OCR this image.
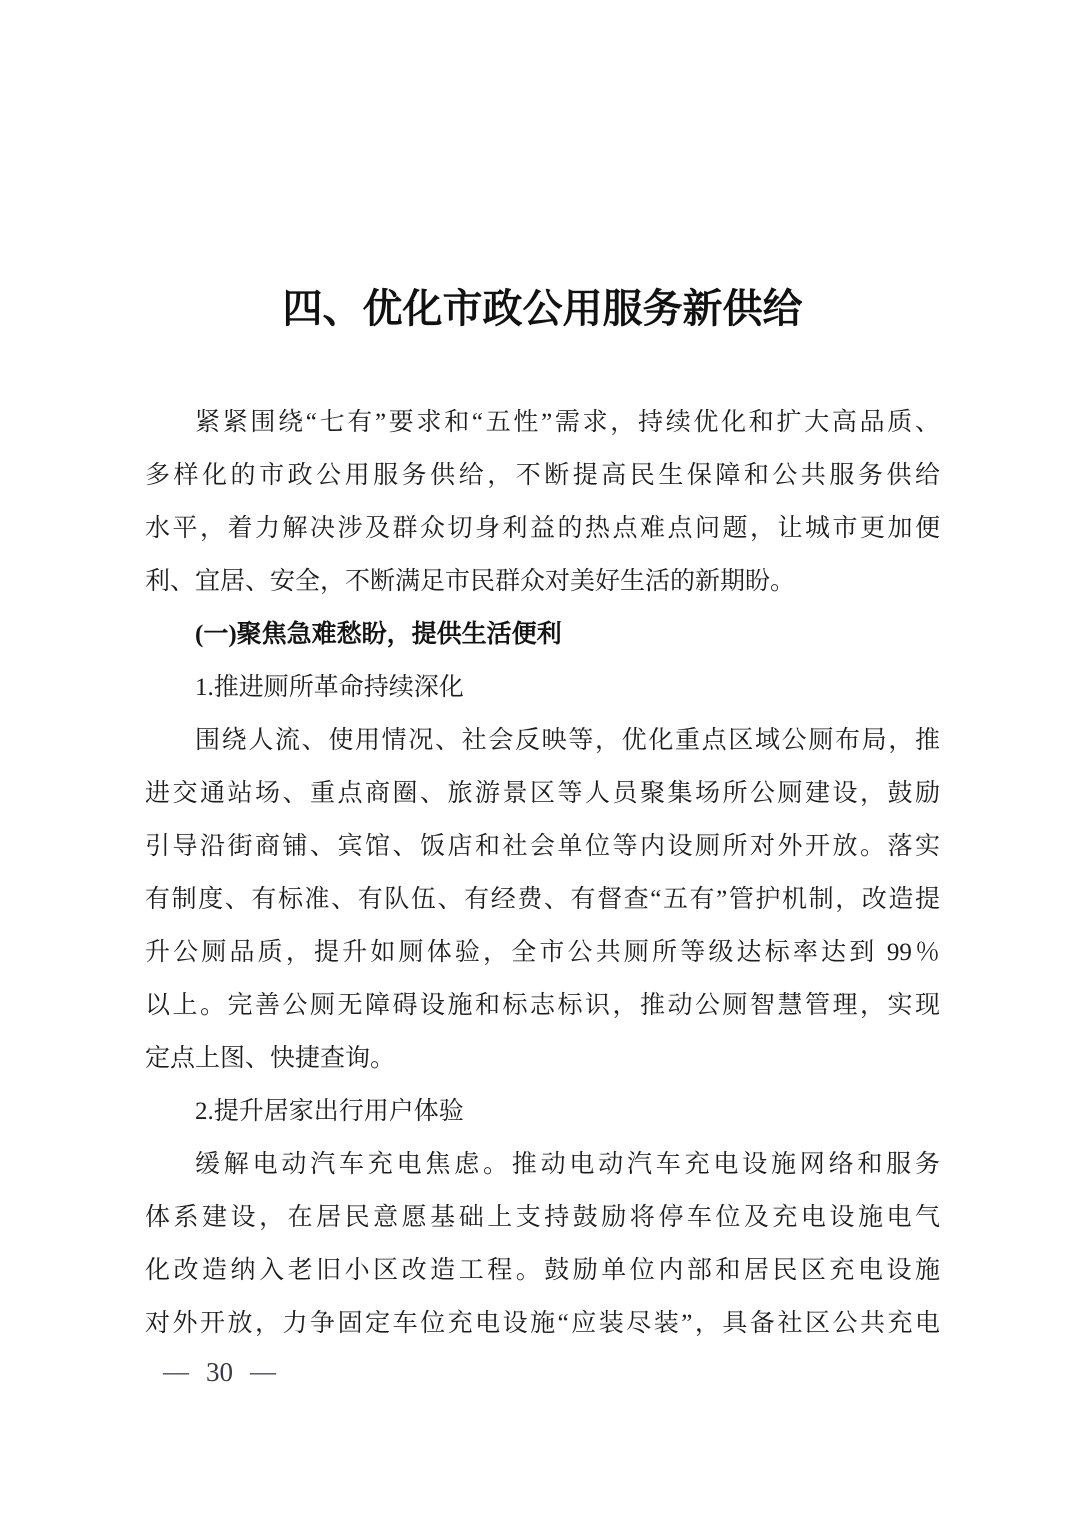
四、优化市政公用服务新供给
紧紧围绕“七有”要求和“五性”需求，持续优化和扩大高品质、
多样化的市政公用服务供给，不断提高民生保障和公共服务供给
水平，着力解决涉及群众切身利益的热点难点问题，让城市更加便
利、宜居、安全，不断满足市民群众对美好生活的新期盼。
(一)聚焦急难愁盼，提供生活便利
1.推进厕所革命持续深化
围绕人流、使用情况、社会反映等，优化重点区域公厕布局，推
进交通站场、重点商圈、旅游景区等人员聚集场所公厕建设，鼓励
引导沿街商铺、宾馆、饭店和社会单位等内设厕所对外开放。落实
有制度、有标准、有队伍、有经费、有督查“五有”管护机制，改造提
升公厕品质，提升如厕体验，全市公共厕所等级达标率达到 99％
以上。完善公厕无障碍设施和标志标识，推动公厕智慧管理，实现
定点上图、快捷查询。
2.提升居家出行用户体验
缓解电动汽车充电焦虑。推动电动汽车充电设施网络和服务
体系建设，在居民意愿基础上支持鼓励将停车位及充电设施电气
化改造纳入老旧小区改造工程。鼓励单位内部和居民区充电设施
对外开放，力争固定车位充电设施“应装尽装”，具备社区公共充电
— 30 —
